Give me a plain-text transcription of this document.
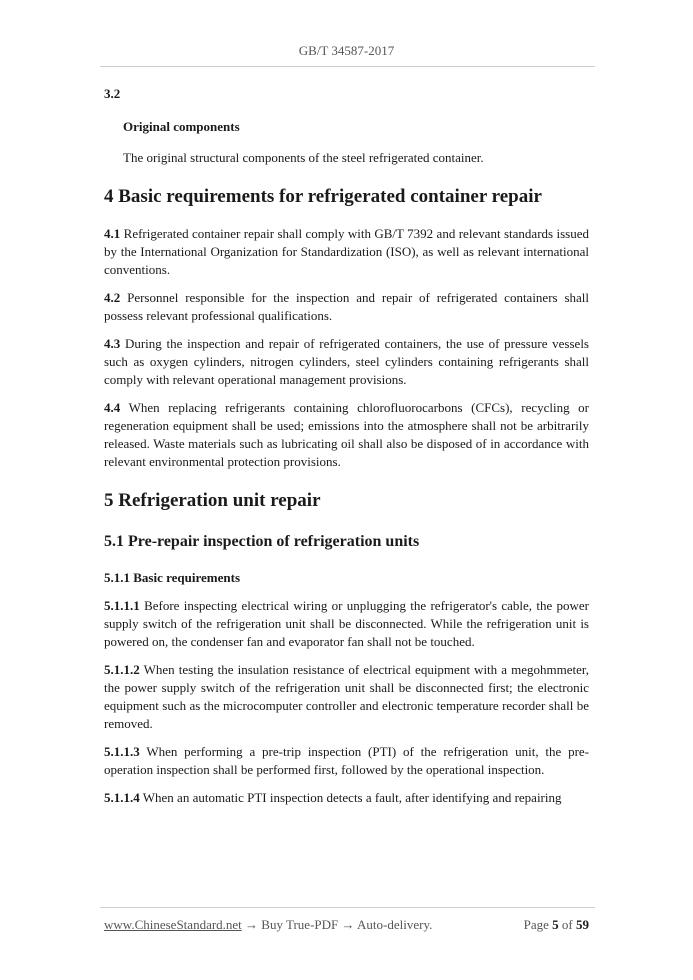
GB/T 34587-2017

3.2

Original components

The original structural components of the steel refrigerated container.

4 Basic requirements for refrigerated container repair

4.1 Refrigerated container repair shall comply with GB/T 7392 and relevant standards issued by the International Organization for Standardization (ISO), as well as relevant international conventions.

4.2 Personnel responsible for the inspection and repair of refrigerated containers shall possess relevant professional qualifications.

4.3 During the inspection and repair of refrigerated containers, the use of pressure vessels such as oxygen cylinders, nitrogen cylinders, steel cylinders containing refrigerants shall comply with relevant operational management provisions.

4.4 When replacing refrigerants containing chlorofluorocarbons (CFCs), recycling or regeneration equipment shall be used; emissions into the atmosphere shall not be arbitrarily released. Waste materials such as lubricating oil shall also be disposed of in accordance with relevant environmental protection provisions.

5 Refrigeration unit repair
5.1 Pre-repair inspection of refrigeration units
5.1.1 Basic requirements

5.1.1.1 Before inspecting electrical wiring or unplugging the refrigerator's cable, the power supply switch of the refrigeration unit shall be disconnected. While the refrigeration unit is powered on, the condenser fan and evaporator fan shall not be touched.

5.1.1.2 When testing the insulation resistance of electrical equipment with a megohmmeter, the power supply switch of the refrigeration unit shall be disconnected first; the electronic equipment such as the microcomputer controller and electronic temperature recorder shall be removed.

5.1.1.3 When performing a pre-trip inspection (PTI) of the refrigeration unit, the pre-operation inspection shall be performed first, followed by the operational inspection.

5.1.1.4 When an automatic PTI inspection detects a fault, after identifying and repairing

www.ChineseStandard.net → Buy True-PDF → Auto-delivery.	Page 5 of 59
